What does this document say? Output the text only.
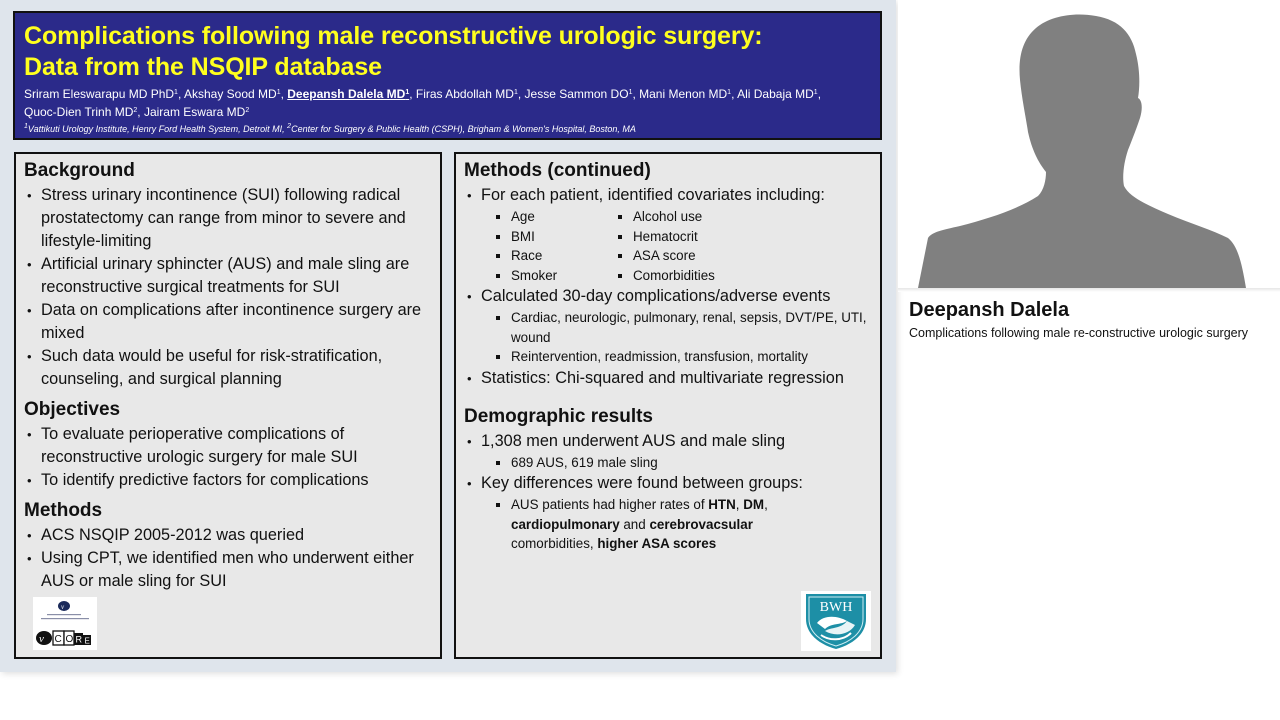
Complications following male reconstructive urologic surgery:
Data from the NSQIP database
Sriram Eleswarapu MD PhD$^1$, Akshay Sood $MD^1$, Deepansh Dalela $MD^1$, Firas Abdollah $MD^1$, Jesse Sammon $DO^1$, Mani Menon $MD^1$, Ali Dabaja $MD^1$,
Quoc-Dien Trinh $MD^2$, Jairam Eswara $MD^2$
$^1$Vattikuti Urology Institute, Henry Ford Health System, Detroit MI, $^2$Center for Surgery & Public Health (CSPH), Brigham & Women's Hospital, Boston, MA
Background
• Stress urinary incontinence (SUI) following radical prostatectomy can range from minor to severe and lifestyle-limiting
• Artificial urinary sphincter (AUS) and male sling are reconstructive surgical treatments for SUI
• Data on complications after incontinence surgery are mixed
• Such data would be useful for risk-stratification, counseling, and surgical planning
Objectives
• To evaluate perioperative complications of reconstructive urologic surgery for male SUI
• To identify predictive factors for complications
Methods
• ACS NSQIP 2005-2012 was queried
• Using CPT, we identified men who underwent either AUS or male sling for SUI
v
v C O R E
Methods (continued)
• For each patient, identified covariates including:
Age	Alcohol use
BMI	Hematocrit
Race	ASA score
Smoker	Comorbidities
• Calculated 30-day complications/adverse events
Cardiac, neurologic, pulmonary, renal, sepsis, DVT/PE, UTI, wound
Reintervention, readmission, transfusion, mortality
• Statistics: Chi-squared and multivariate regression
Demographic results
• 1,308 men underwent AUS and male sling
689 AUS, 619 male sling
• Key differences were found between groups:
AUS patients had higher rates of HTN, DM,
cardiopulmonary and cerebrovacsular
comorbidities, higher ASA scores
BWH
Deepansh Dalela
Complications following male re-constructive urologic surgery
